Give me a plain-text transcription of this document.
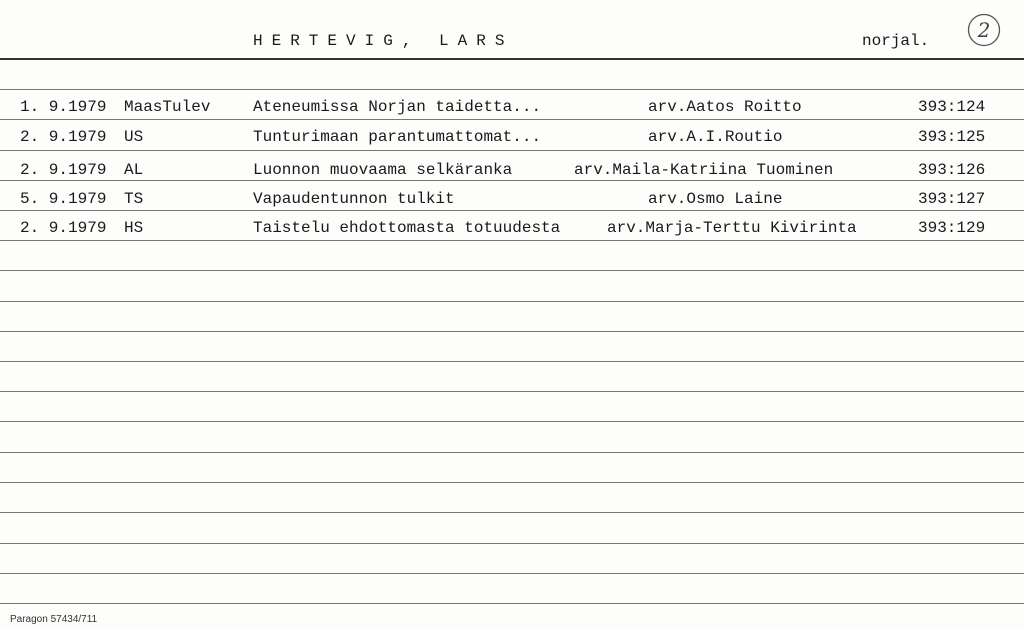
HERTEVIG, LARS	norjal. 2
1. 9.1979 MaasTulev	Ateneumissa Norjan taidetta...	arv.Aatos Roitto	393:124
2. 9.1979 US	Tunturimaan parantumattomat...	arv.A.I.Routio	393:125
2. 9.1979 AL	Luonnon muovaama selkäranka	arv.Maila-Katriina Tuominen	393:126
5. 9.1979 TS	Vapaudentunnon tulkit	arv.Osmo Laine	393:127
2. 9.1979 HS	Taistelu ehdottomasta totuudesta	arv.Marja-Terttu Kivirinta	393:129
Paragon 57434/711
